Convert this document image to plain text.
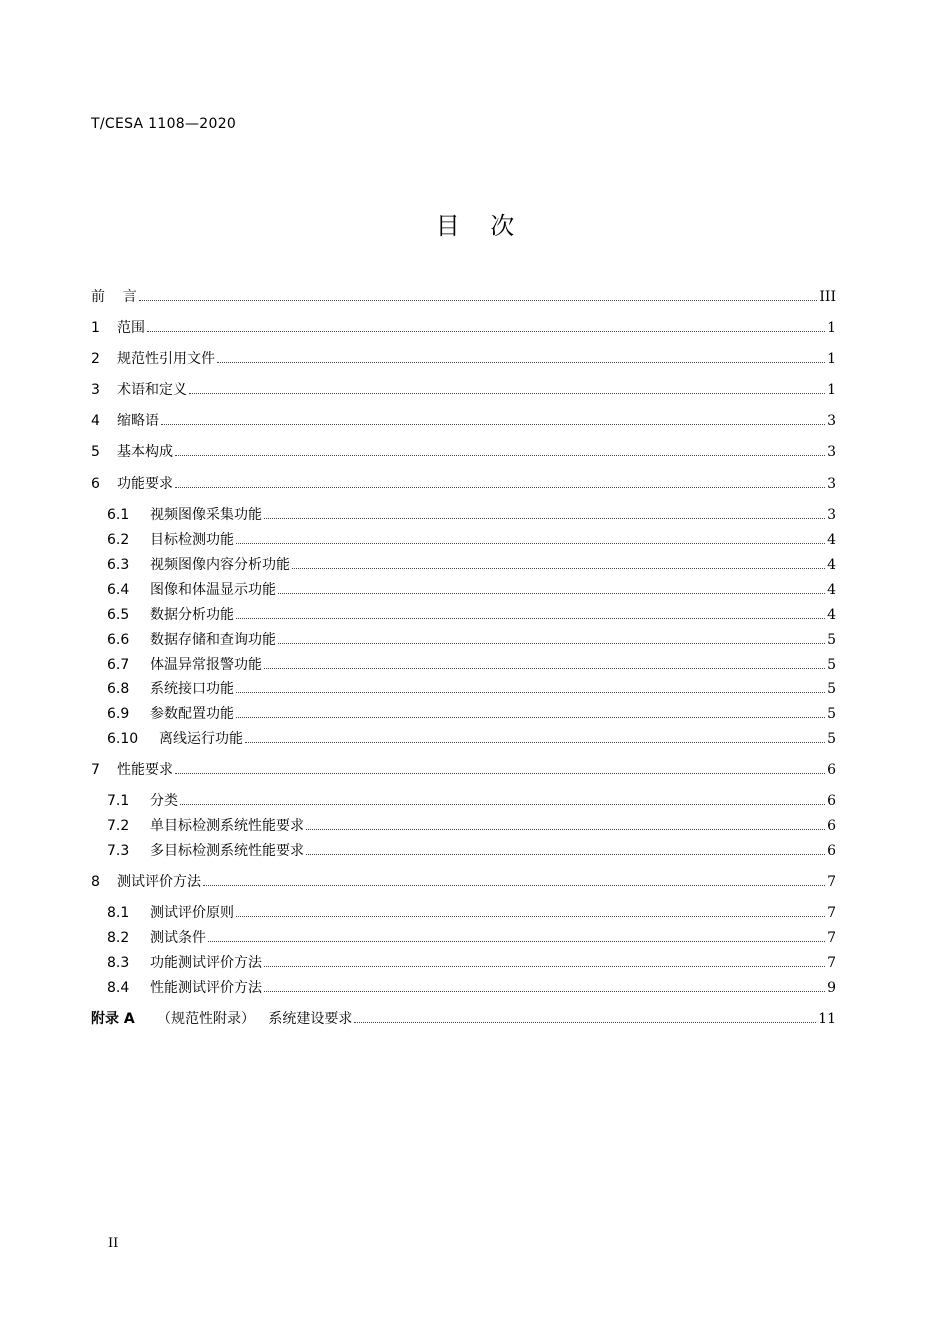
T/CESA 1108—2020
目    次
前    言	III
1	范围	1
2	规范性引用文件	1
3	术语和定义	1
4	缩略语	3
5	基本构成	3
6	功能要求	3
6.1	视频图像采集功能	3
6.2	目标检测功能	4
6.3	视频图像内容分析功能	4
6.4	图像和体温显示功能	4
6.5	数据分析功能	4
6.6	数据存储和查询功能	5
6.7	体温异常报警功能	5
6.8	系统接口功能	5
6.9	参数配置功能	5
6.10	离线运行功能	5
7	性能要求	6
7.1	分类	6
7.2	单目标检测系统性能要求	6
7.3	多目标检测系统性能要求	6
8	测试评价方法	7
8.1	测试评价原则	7
8.2	测试条件	7
8.3	功能测试评价方法	7
8.4	性能测试评价方法	9
附录 A	（规范性附录）   系统建设要求	11
II
